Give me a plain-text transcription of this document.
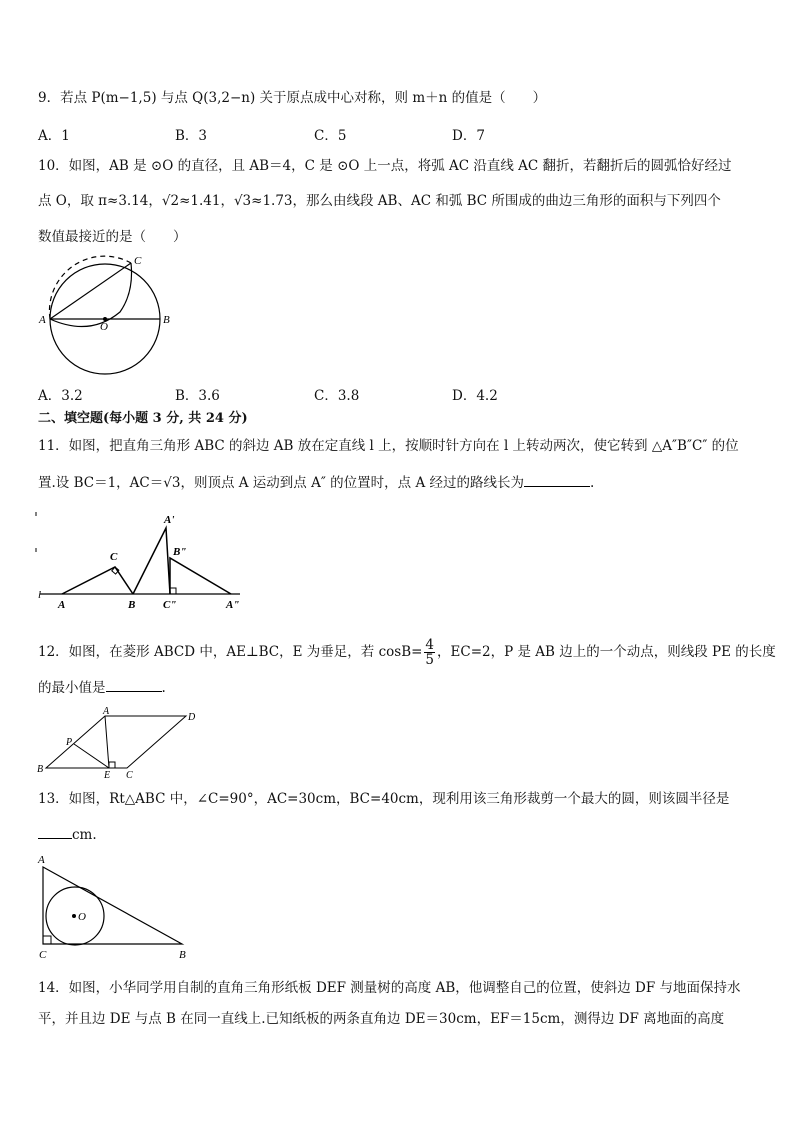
9．若点 P(m−1,5) 与点 Q(3,2−n) 关于原点成中心对称，则 m＋n 的值是（　　）
A．1	B．3	C．5	D．7
10．如图，AB 是 ⊙O 的直径，且 AB＝4，C 是 ⊙O 上一点，将弧 AC 沿直线 AC 翻折，若翻折后的圆弧恰好经过
点 O，取 π≈3.14，√2≈1.41，√3≈1.73，那么由线段 AB、AC 和弧 BC 所围成的曲边三角形的面积与下列四个
数值最接近的是（　　）
A	B
C
O
A．3.2	B．3.6	C．3.8	D．4.2
二、填空题(每小题 3 分, 共 24 分)
11．如图，把直角三角形 ABC 的斜边 AB 放在定直线 l 上，按顺时针方向在 l 上转动两次，使它转到 △A″B″C″ 的位
置.设 BC＝1，AC＝√3，则顶点 A 运动到点 A″ 的位置时，点 A 经过的路线长为	.
l
A
C
B
A'
B"
C"	A"
12．如图，在菱形 ABCD 中，AE⊥BC，E 为垂足，若 $\cos B= \frac{4}{5}$ ，EC=2，P 是 AB 边上的一个动点，则线段 PE 的长度
的最小值是	.
A
D
P
B
E C
13．如图，Rt△ABC 中，∠C=90°，AC=30cm，BC=40cm，现利用该三角形裁剪一个最大的圆，则该圆半径是
cm.
A
C	B
O
14．如图，小华同学用自制的直角三角形纸板 DEF 测量树的高度 AB，他调整自己的位置，使斜边 DF 与地面保持水
平，并且边 DE 与点 B 在同一直线上.已知纸板的两条直角边 DE＝30cm，EF＝15cm，测得边 DF 离地面的高度
